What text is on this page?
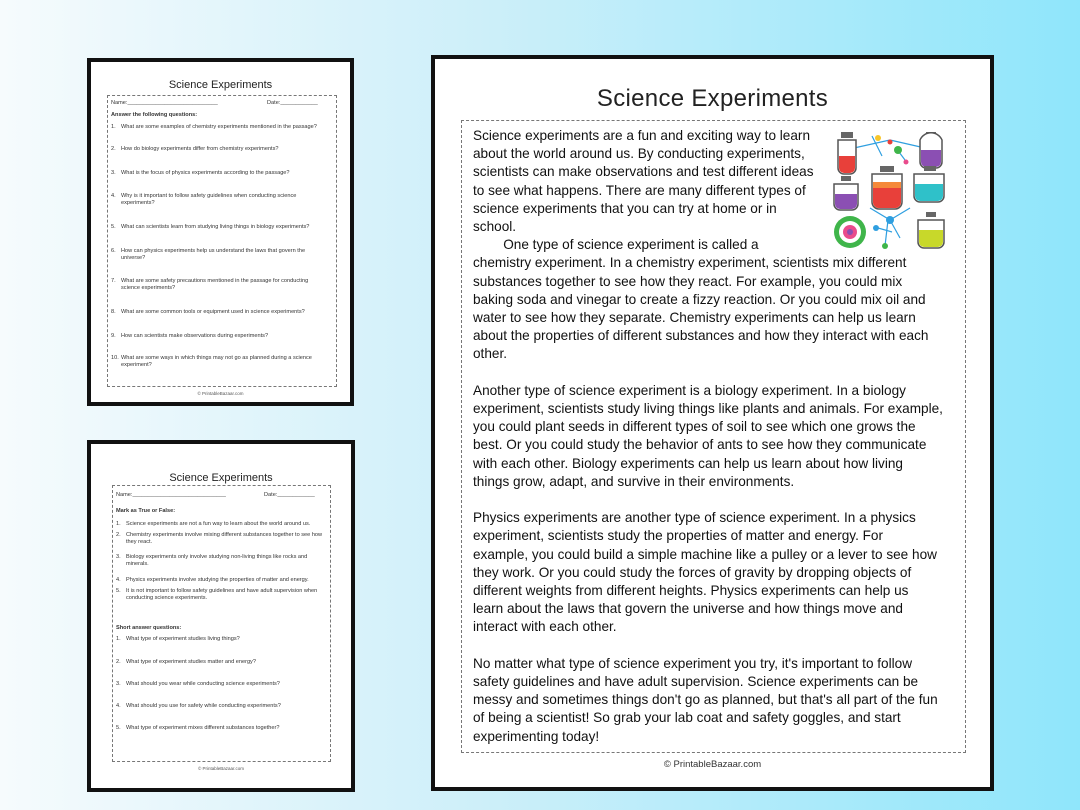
Science Experiments
Name:_____________________________	Date:____________
Answer the following questions:
1. What are some examples of chemistry experiments mentioned in the passage?
2. How do biology experiments differ from chemistry experiments?
3. What is the focus of physics experiments according to the passage?
4. Why is it important to follow safety guidelines when conducting science experiments?
5. What can scientists learn from studying living things in biology experiments?
6. How can physics experiments help us understand the laws that govern the universe?
7. What are some safety precautions mentioned in the passage for conducting science experiments?
8. What are some common tools or equipment used in science experiments?
9. How can scientists make observations during experiments?
10. What are some ways in which things may not go as planned during a science experiment?
© PrintableBazaar.com
Science Experiments
Name:______________________________	Date:____________
Mark as True or False:
1. Science experiments are not a fun way to learn about the world around us.
2. Chemistry experiments involve mixing different substances together to see how they react.
3. Biology experiments only involve studying non-living things like rocks and minerals.
4. Physics experiments involve studying the properties of matter and energy.
5. It is not important to follow safety guidelines and have adult supervision when conducting science experiments.
Short answer questions:
1. What type of experiment studies living things?
2. What type of experiment studies matter and energy?
3. What should you wear while conducting science experiments?
4. What should you use for safety while conducting experiments?
5. What type of experiment mixes different substances together?
© PrintableBazaar.com
Science Experiments
© PrintableBazaar.com
Science experiments are a fun and exciting way to learn
about the world around us. By conducting experiments,
scientists can make observations and test different ideas
to see what happens. There are many different types of
science experiments that you can try at home or in
school.
One type of science experiment is called a
chemistry experiment. In a chemistry experiment, scientists mix different
substances together to see how they react. For example, you could mix
baking soda and vinegar to create a fizzy reaction. Or you could mix oil and
water to see how they separate. Chemistry experiments can help us learn
about the properties of different substances and how they interact with each
other.
Another type of science experiment is a biology experiment. In a biology
experiment, scientists study living things like plants and animals. For example,
you could plant seeds in different types of soil to see which one grows the
best. Or you could study the behavior of ants to see how they communicate
with each other. Biology experiments can help us learn about how living
things grow, adapt, and survive in their environments.
Physics experiments are another type of science experiment. In a physics
experiment, scientists study the properties of matter and energy. For
example, you could build a simple machine like a pulley or a lever to see how
they work. Or you could study the forces of gravity by dropping objects of
different weights from different heights. Physics experiments can help us
learn about the laws that govern the universe and how things move and
interact with each other.
No matter what type of science experiment you try, it's important to follow
safety guidelines and have adult supervision. Science experiments can be
messy and sometimes things don't go as planned, but that's all part of the fun
of being a scientist! So grab your lab coat and safety goggles, and start
experimenting today!
